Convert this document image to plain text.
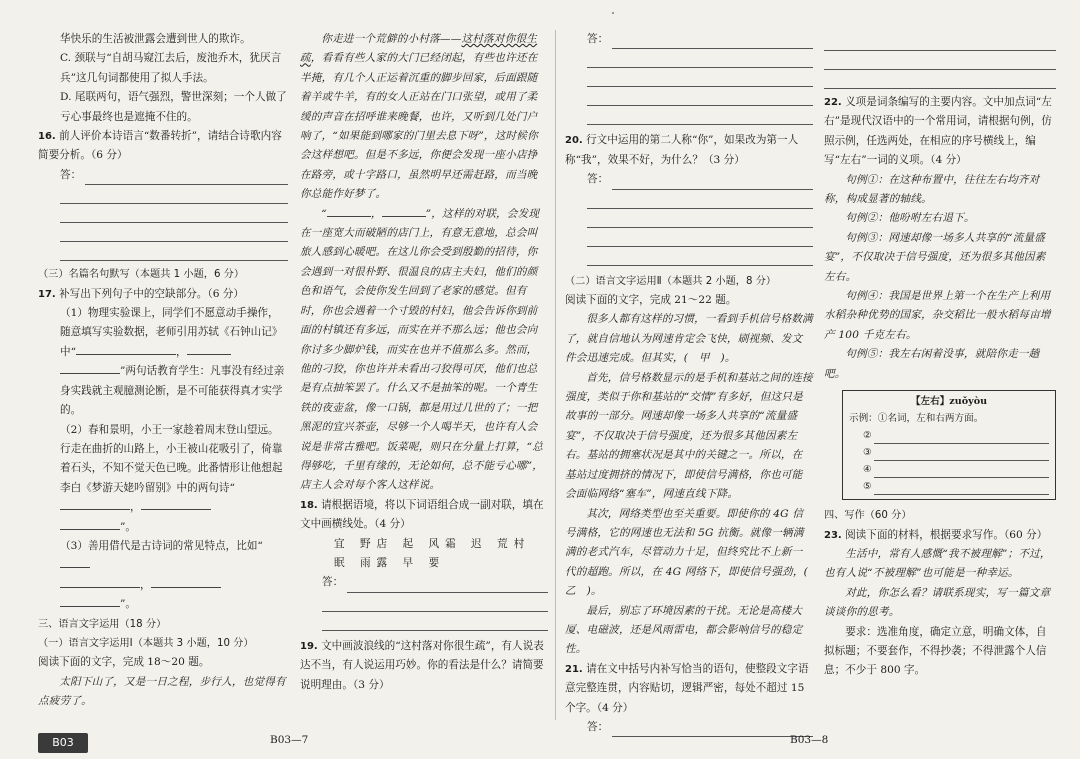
华快乐的生活被泄露会遭到世人的欺诈。

C. 颈联与“自胡马窥江去后，废池乔木，犹厌言兵”这几句词都使用了拟人手法。

D. 尾联两句，语气强烈，警世深刻；一个人做了亏心事最终也是遮掩不住的。

16. 前人评价本诗语言“数番转折”，请结合诗歌内容简要分析。（6 分）

答：

（三）名篇名句默写（本题共 1 小题，6 分）

17. 补写出下列句子中的空缺部分。（6 分）

（1）物理实验课上，同学们不愿意动手操作，随意填写实验数据，老师引用苏轼《石钟山记》中“	，
”两句话教育学生：凡事没有经过亲身实践就主观臆测论断，是不可能获得真才实学的。

（2）春和景明，小王一家趁着周末登山望远。行走在曲折的山路上，小王被山花吸引了，倚靠着石头，不知不觉天色已晚。此番情形让他想起李白《梦游天姥吟留别》中的两句诗“，
”。

（3）善用借代是古诗词的常见特点，比如“
，
”。

三、语言文字运用（18 分）

（一）语言文字运用Ⅰ（本题共 3 小题，10 分）

阅读下面的文字，完成 18～20 题。

太阳下山了，又是一日之程，步行人，也觉得有点疲劳了。

你走进一个荒僻的小村落——这村落对你很生疏，看看有些人家的大门已经闭起，有些也许还在半掩，有几个人正运着沉重的脚步回家，后面跟随着羊或牛羊，有的女人正站在门口张望，或用了柔缓的声音在招呼谁来晚餐，也许，又听到几处门户响了，“如果能到哪家的门里去息下呀”，这时候你会这样想吧。但是不多远，你便会发现一座小店挣在路旁，或十字路口，虽然明早还需赶路，而当晚你总能作好梦了。

“	，	”，这样的对联，会发现在一座宽大而破陋的店门上，有意无意地，总会叫旅人感到心暖吧。在这儿你会受到殷勤的招待，你会遇到一对很朴野、很温良的店主夫妇，他们的颜色和语气，会使你发生回到了老家的感觉。但有时，你也会遇着一个寸毁的村妇，他会告诉你到前面的村镇还有多远，而实在并不那么远；他也会向你讨多少脚炉钱，而实在也并不值那么多。然而，他的刁狡，你也许并未看出刁狡得可厌，他们也总是有点抽笨罢了。什么又不是抽笨的呢。一个青生铁的夜壶盆，像一口锅，都是用过几世的了；一把黑泥的宜兴茶壶，尽够一个人喝半天，也许有人会说是非常古雅吧。饭菜呢，则只在分量上打算，“总得够吃，千里有缘的，无论如何，总不能亏心哪”，店主人会对每个客人这样说。

18. 请根据语境，将以下词语组合成一副对联，填在文中画横线处。（4 分）

宜 野店 起 风霜 迟 荒村 眠 雨露 早 要

答：

19. 文中画波浪线的“这村落对你很生疏”，有人说表达不当，有人说运用巧妙。你的看法是什么？请简要说明理由。（3 分）

答：

20. 行文中运用的第二人称“你”，如果改为第一人称“我”，效果不好，为什么？（3 分）

答：

（二）语言文字运用Ⅱ（本题共 2 小题，8 分）

阅读下面的文字，完成 21～22 题。

很多人都有这样的习惯，一看到手机信号格数满了，就自信地认为网速肯定会飞快，刷视频、发文件会迅速完成。但其实，(　甲　)。

首先，信号格数显示的是手机和基站之间的连接强度，类似于你和基站的“交情”有多好，但这只是故事的一部分。网速却像一场多人共享的“流量盛宴”，不仅取决于信号强度，还为很多其他因素左右。基站的拥塞状况是其中的关键之一。所以，在基站过度拥挤的情况下，即使信号满格，你也可能会面临网络“塞车”，网速直线下降。

其次，网络类型也至关重要。即使你的 4G 信号满格，它的网速也无法和 5G 抗衡。就像一辆满满的老式汽车，尽管动力十足，但终究比不上新一代的超跑。所以，在 4G 网络下，即使信号强劲，(　乙　)。

最后，别忘了环境因素的干扰。无论是高楼大厦、电磁波，还是风雨雷电，都会影响信号的稳定性。

21. 请在文中括号内补写恰当的语句，使整段文字语意完整连贯，内容贴切，逻辑严密，每处不超过 15 个字。（4 分）

答：

22. 义项是词条编写的主要内容。文中加点词“左右”是现代汉语中的一个常用词，请根据句例，仿照示例，任选两处，在相应的序号横线上，编写“左右”一词的义项。（4 分）

句例①：在这种布置中，往往左右均齐对称，构成显著的轴线。

句例②：他吩咐左右退下。

句例③：网速却像一场多人共享的“流量盛宴”，不仅取决于信号强度，还为很多其他因素左右。

句例④：我国是世界上第一个在生产上利用水稻杂种优势的国家，杂交稻比一般水稻每亩增产 100 千克左右。

句例⑤：我左右闲着没事，就陪你走一趟吧。

【左右】zuǒyòu
示例：①名词，左和右两方面。
②
③
④
⑤

四、写作（60 分）

23. 阅读下面的材料，根据要求写作。（60 分）

生活中，常有人感慨“我不被理解”；不过，也有人说“不被理解”也可能是一种幸运。

对此，你怎么看？请联系现实，写一篇文章谈谈你的思考。

要求：选准角度，确定立意，明确文体，自拟标题；不要套作，不得抄袭；不得泄露个人信息；不少于 800 字。

B03	B03—7	B03—8
